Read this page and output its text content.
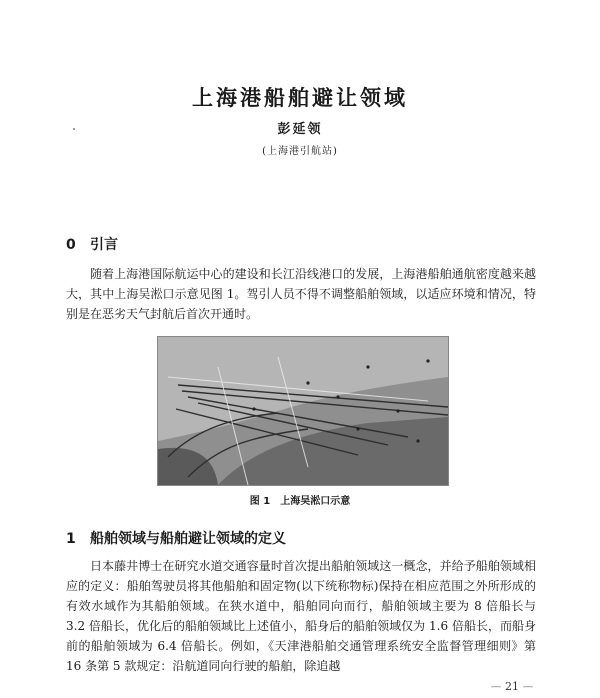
上海港船舶避让领域
彭延领
(上海港引航站)
0 引言

随着上海港国际航运中心的建设和长江沿线港口的发展，上海港船舶通航密度越来越大，其中上海吴淞口示意见图 1。驾引人员不得不调整船舶领域，以适应环境和情况，特别是在恶劣天气封航后首次开通时。

图 1 上海吴淞口示意
1 船舶领域与船舶避让领域的定义

日本藤井博士在研究水道交通容量时首次提出船舶领域这一概念，并给予船舶领域相应的定义：船舶驾驶员将其他船舶和固定物(以下统称物标)保持在相应范围之外所形成的有效水域作为其船舶领域。在狭水道中，船舶同向而行，船舶领域主要为 8 倍船长与 3.2 倍船长，优化后的船舶领域比上述值小，船身后的船舶领域仅为 1.6 倍船长，而船身前的船舶领域为 6.4 倍船长。例如，《天津港船舶交通管理系统安全监督管理细则》第 16 条第 5 款规定：沿航道同向行驶的船舶，除追越

— 21 —
